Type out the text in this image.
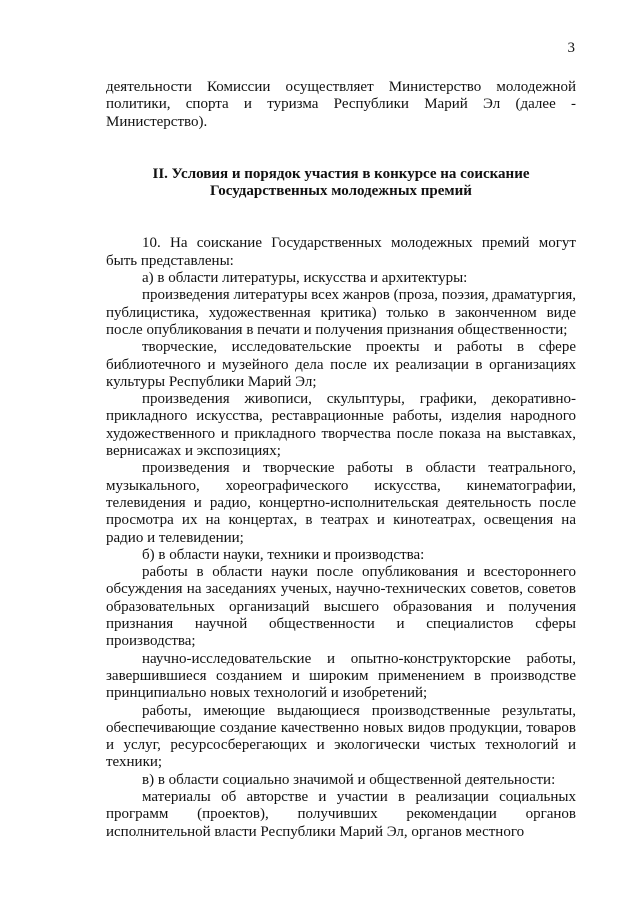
3

деятельности Комиссии осуществляет Министерство молодежной политики, спорта и туризма Республики Марий Эл (далее - Министерство).

II. Условия и порядок участия в конкурсе на соискание
Государственных молодежных премий

10. На соискание Государственных молодежных премий могут быть представлены:

а) в области литературы, искусства и архитектуры:

произведения литературы всех жанров (проза, поэзия, драматургия, публицистика, художественная критика) только в законченном виде после опубликования в печати и получения признания общественности;

творческие, исследовательские проекты и работы в сфере библиотечного и музейного дела после их реализации в организациях культуры Республики Марий Эл;

произведения живописи, скульптуры, графики, декоративно-прикладного искусства, реставрационные работы, изделия народного художественного и прикладного творчества после показа на выставках, вернисажах и экспозициях;

произведения и творческие работы в области театрального, музыкального, хореографического искусства, кинематографии, телевидения и радио, концертно-исполнительская деятельность после просмотра их на концертах, в театрах и кинотеатрах, освещения на радио и телевидении;

б) в области науки, техники и производства:

работы в области науки после опубликования и всестороннего обсуждения на заседаниях ученых, научно-технических советов, советов образовательных организаций высшего образования и получения признания научной общественности и специалистов сферы производства;

научно-исследовательские и опытно-конструкторские работы, завершившиеся созданием и широким применением в производстве принципиально новых технологий и изобретений;

работы, имеющие выдающиеся производственные результаты, обеспечивающие создание качественно новых видов продукции, товаров и услуг, ресурсосберегающих и экологически чистых технологий и техники;

в) в области социально значимой и общественной деятельности:

материалы об авторстве и участии в реализации социальных программ (проектов), получивших рекомендации органов исполнительной власти Республики Марий Эл, органов местного
